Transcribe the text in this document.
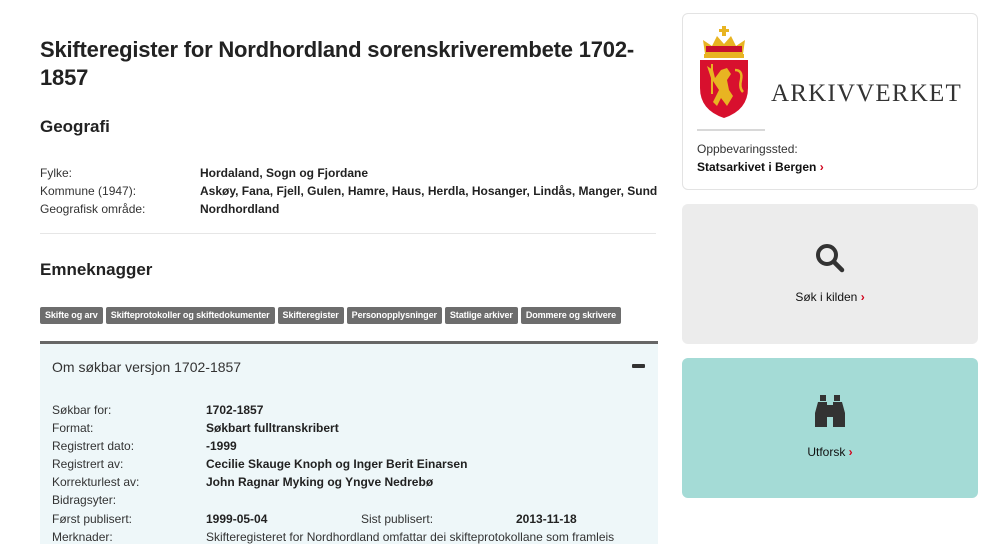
Skifteregister for Nordhordland sorenskriverembete 1702-1857
Geografi
Fylke:	Hordaland, Sogn og Fjordane
Kommune (1947):	Askøy, Fana, Fjell, Gulen, Hamre, Haus, Herdla, Hosanger, Lindås, Manger, Sund
Geografisk område:	Nordhordland
Emneknagger
Skifte og arv	Skifteprotokoller og skiftedokumenter	Skifteregister	Personopplysninger	Statlige arkiver	Dommere og skrivere
Om søkbar versjon 1702-1857
Søkbar for:	1702-1857
Format:	Søkbart fulltranskribert
Registrert dato:	-1999
Registrert av:	Cecilie Skauge Knoph og Inger Berit Einarsen
Korrekturlest av:	John Ragnar Myking og Yngve Nedrebø
Bidragsyter:
Først publisert:	1999-05-04	Sist publisert:	2013-11-18
Merknader:	Skifteregisteret for Nordhordland omfattar dei skifteprotokollane som framleis
ARKIVVERKET
Oppbevaringssted:
Statsarkivet i Bergen ›
Søk i kilden ›
Utforsk ›
